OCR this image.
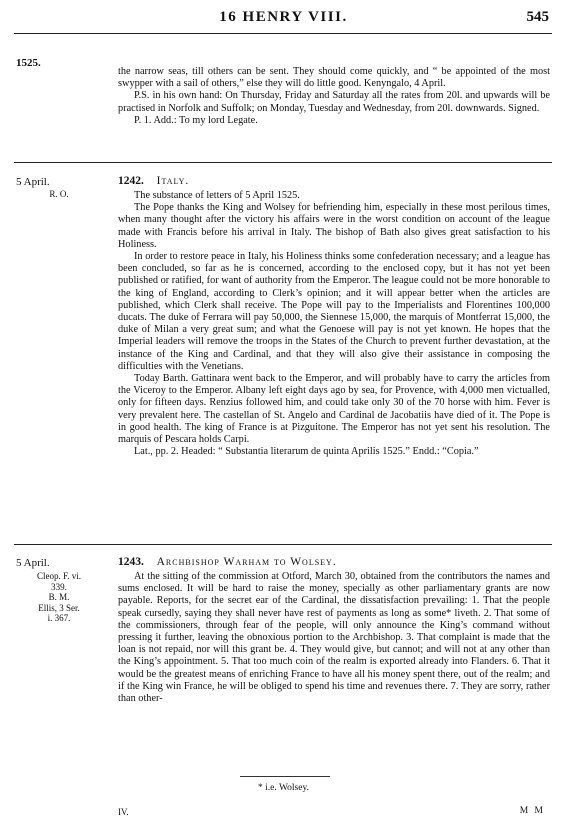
16 HENRY VIII.	545
1525.

the narrow seas, till others can be sent. They should come quickly, and “ be appointed of the most swypper with a sail of others,” else they will do little good. Kenyngalo, 4 April.

P.S. in his own hand: On Thursday, Friday and Saturday all the rates from 20l. and upwards will be practised in Norfolk and Suffolk; on Monday, Tuesday and Wednesday, from 20l. downwards. Signed.

P. 1. Add.: To my lord Legate.

5 April.
R. O.
1242. Italy.

The substance of letters of 5 April 1525.

The Pope thanks the King and Wolsey for befriending him, especially in these most perilous times, when many thought after the victory his affairs were in the worst condition on account of the league made with Francis before his arrival in Italy. The bishop of Bath also gives great satisfaction to his Holiness.

In order to restore peace in Italy, his Holiness thinks some confederation necessary; and a league has been concluded, so far as he is concerned, according to the enclosed copy, but it has not yet been published or ratified, for want of authority from the Emperor. The league could not be more honorable to the king of England, according to Clerk’s opinion; and it will appear better when the articles are published, which Clerk shall receive. The Pope will pay to the Imperialists and Florentines 100,000 ducats. The duke of Ferrara will pay 50,000, the Siennese 15,000, the marquis of Montferrat 15,000, the duke of Milan a very great sum; and what the Genoese will pay is not yet known. He hopes that the Imperial leaders will remove the troops in the States of the Church to prevent further devastation, at the instance of the King and Cardinal, and that they will also give their assistance in composing the difficulties with the Venetians.

Today Barth. Gattinara went back to the Emperor, and will probably have to carry the articles from the Viceroy to the Emperor. Albany left eight days ago by sea, for Provence, with 4,000 men victualled, only for fifteen days. Renzius followed him, and could take only 30 of the 70 horse with him. Fever is very prevalent here. The castellan of St. Angelo and Cardinal de Jacobatiis have died of it. The Pope is in good health. The king of France is at Pizguitone. The Emperor has not yet sent his resolution. The marquis of Pescara holds Carpi.

Lat., pp. 2. Headed: “ Substantia literarum de quinta Aprilis 1525.” Endd.: “Copia.”

5 April.
Cleop. F. vi.
339.
B. M.
Ellis, 3 Ser.
i. 367.
1243. Archbishop Warham to Wolsey.

At the sitting of the commission at Otford, March 30, obtained from the contributors the names and sums enclosed. It will be hard to raise the money, specially as other parliamentary grants are now payable. Reports, for the secret ear of the Cardinal, the dissatisfaction prevailing: 1. That the people speak cursedly, saying they shall never have rest of payments as long as some* liveth. 2. That some of the commissioners, through fear of the people, will only announce the King’s command without pressing it further, leaving the obnoxious portion to the Archbishop. 3. That complaint is made that the loan is not repaid, nor will this grant be. 4. They would give, but cannot; and will not at any other than the King’s appointment. 5. That too much coin of the realm is exported already into Flanders. 6. That it would be the greatest means of enriching France to have all his money spent there, out of the realm; and if the King win France, he will be obliged to spend his time and revenues there. 7. They are sorry, rather than other-

* i.e. Wolsey.
IV.	M M
